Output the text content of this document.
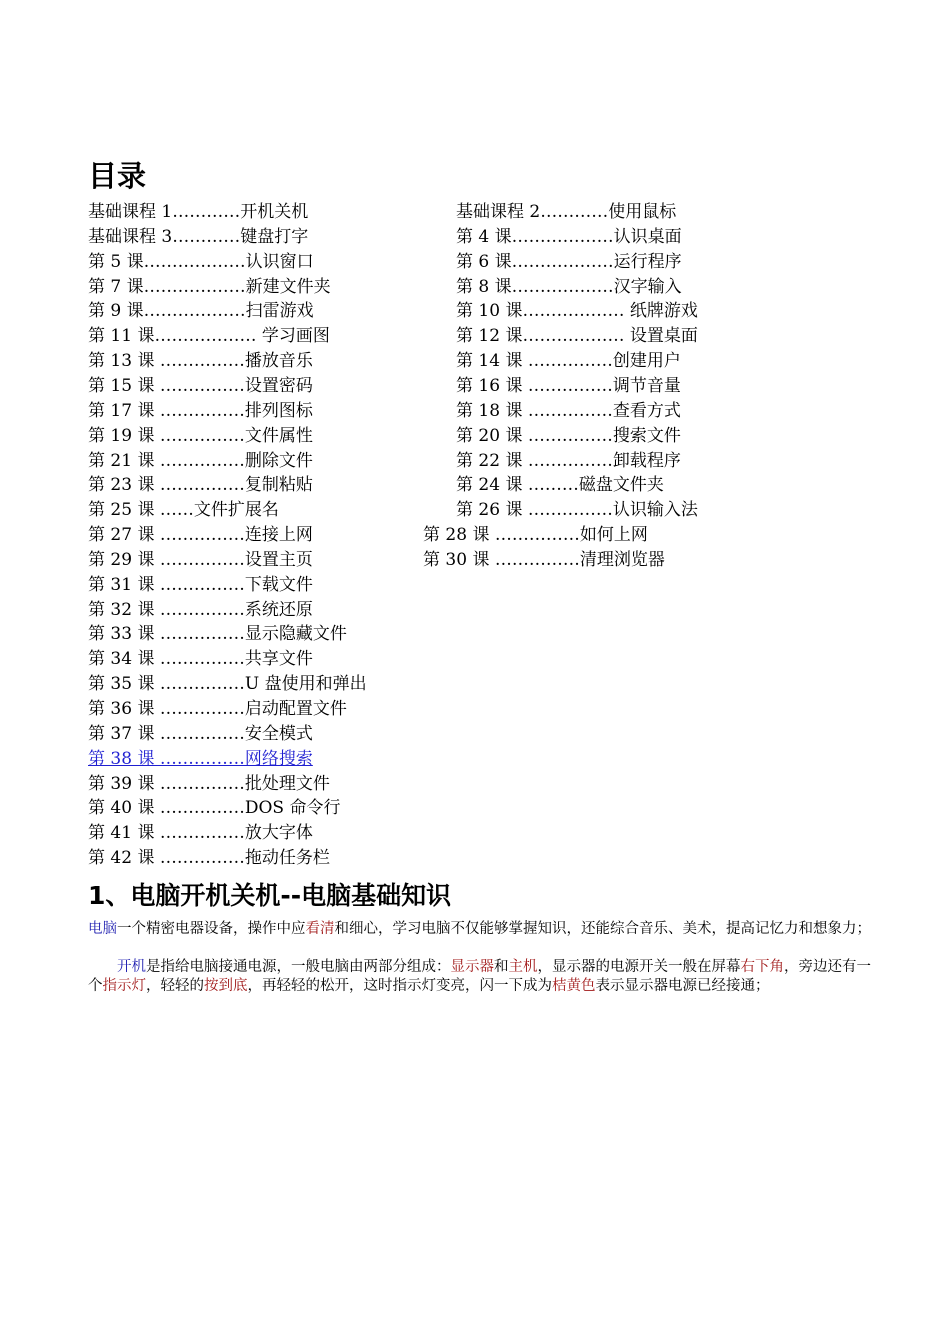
目录
基础课程 1…………开机关机
基础课程 3…………键盘打字
第 5 课………………认识窗口
第 7 课………………新建文件夹
第 9 课………………扫雷游戏
第 11 课……………… 学习画图
第 13 课 ……………播放音乐
第 15 课 ……………设置密码
第 17 课 ……………排列图标
第 19 课 ……………文件属性
第 21 课 ……………删除文件
第 23 课 ……………复制粘贴
第 25 课 ……文件扩展名
第 27 课 ……………连接上网
第 29 课 ……………设置主页
第 31 课 ……………下载文件
第 32 课 ……………系统还原
第 33 课 ……………显示隐藏文件
第 34 课 ……………共享文件
第 35 课 ……………U 盘使用和弹出
第 36 课 ……………启动配置文件
第 37 课 ……………安全模式
第 38 课 ……………网络搜索
第 39 课 ……………批处理文件
第 40 课 ……………DOS 命令行
第 41 课 ……………放大字体
第 42 课 ……………拖动任务栏
基础课程 2…………使用鼠标
第 4 课………………认识桌面
第 6 课………………运行程序
第 8 课………………汉字输入
第 10 课……………… 纸牌游戏
第 12 课……………… 设置桌面
第 14 课 ……………创建用户
第 16 课 ……………调节音量
第 18 课 ……………查看方式
第 20 课 ……………搜索文件
第 22 课 ……………卸载程序
第 24 课 ………磁盘文件夹
第 26 课 ……………认识输入法
第 28 课 ……………如何上网
第 30 课 ……………清理浏览器
1、电脑开机关机--电脑基础知识

电脑一个精密电器设备，操作中应看清和细心，学习电脑不仅能够掌握知识，还能综合音乐、美术，提高记忆力和想象力；

　　开机是指给电脑接通电源，一般电脑由两部分组成：显示器和主机，显示器的电源开关一般在屏幕右下角，旁边还有一个指示灯，轻轻的按到底，再轻轻的松开，这时指示灯变亮，闪一下成为桔黄色表示显示器电源已经接通；
